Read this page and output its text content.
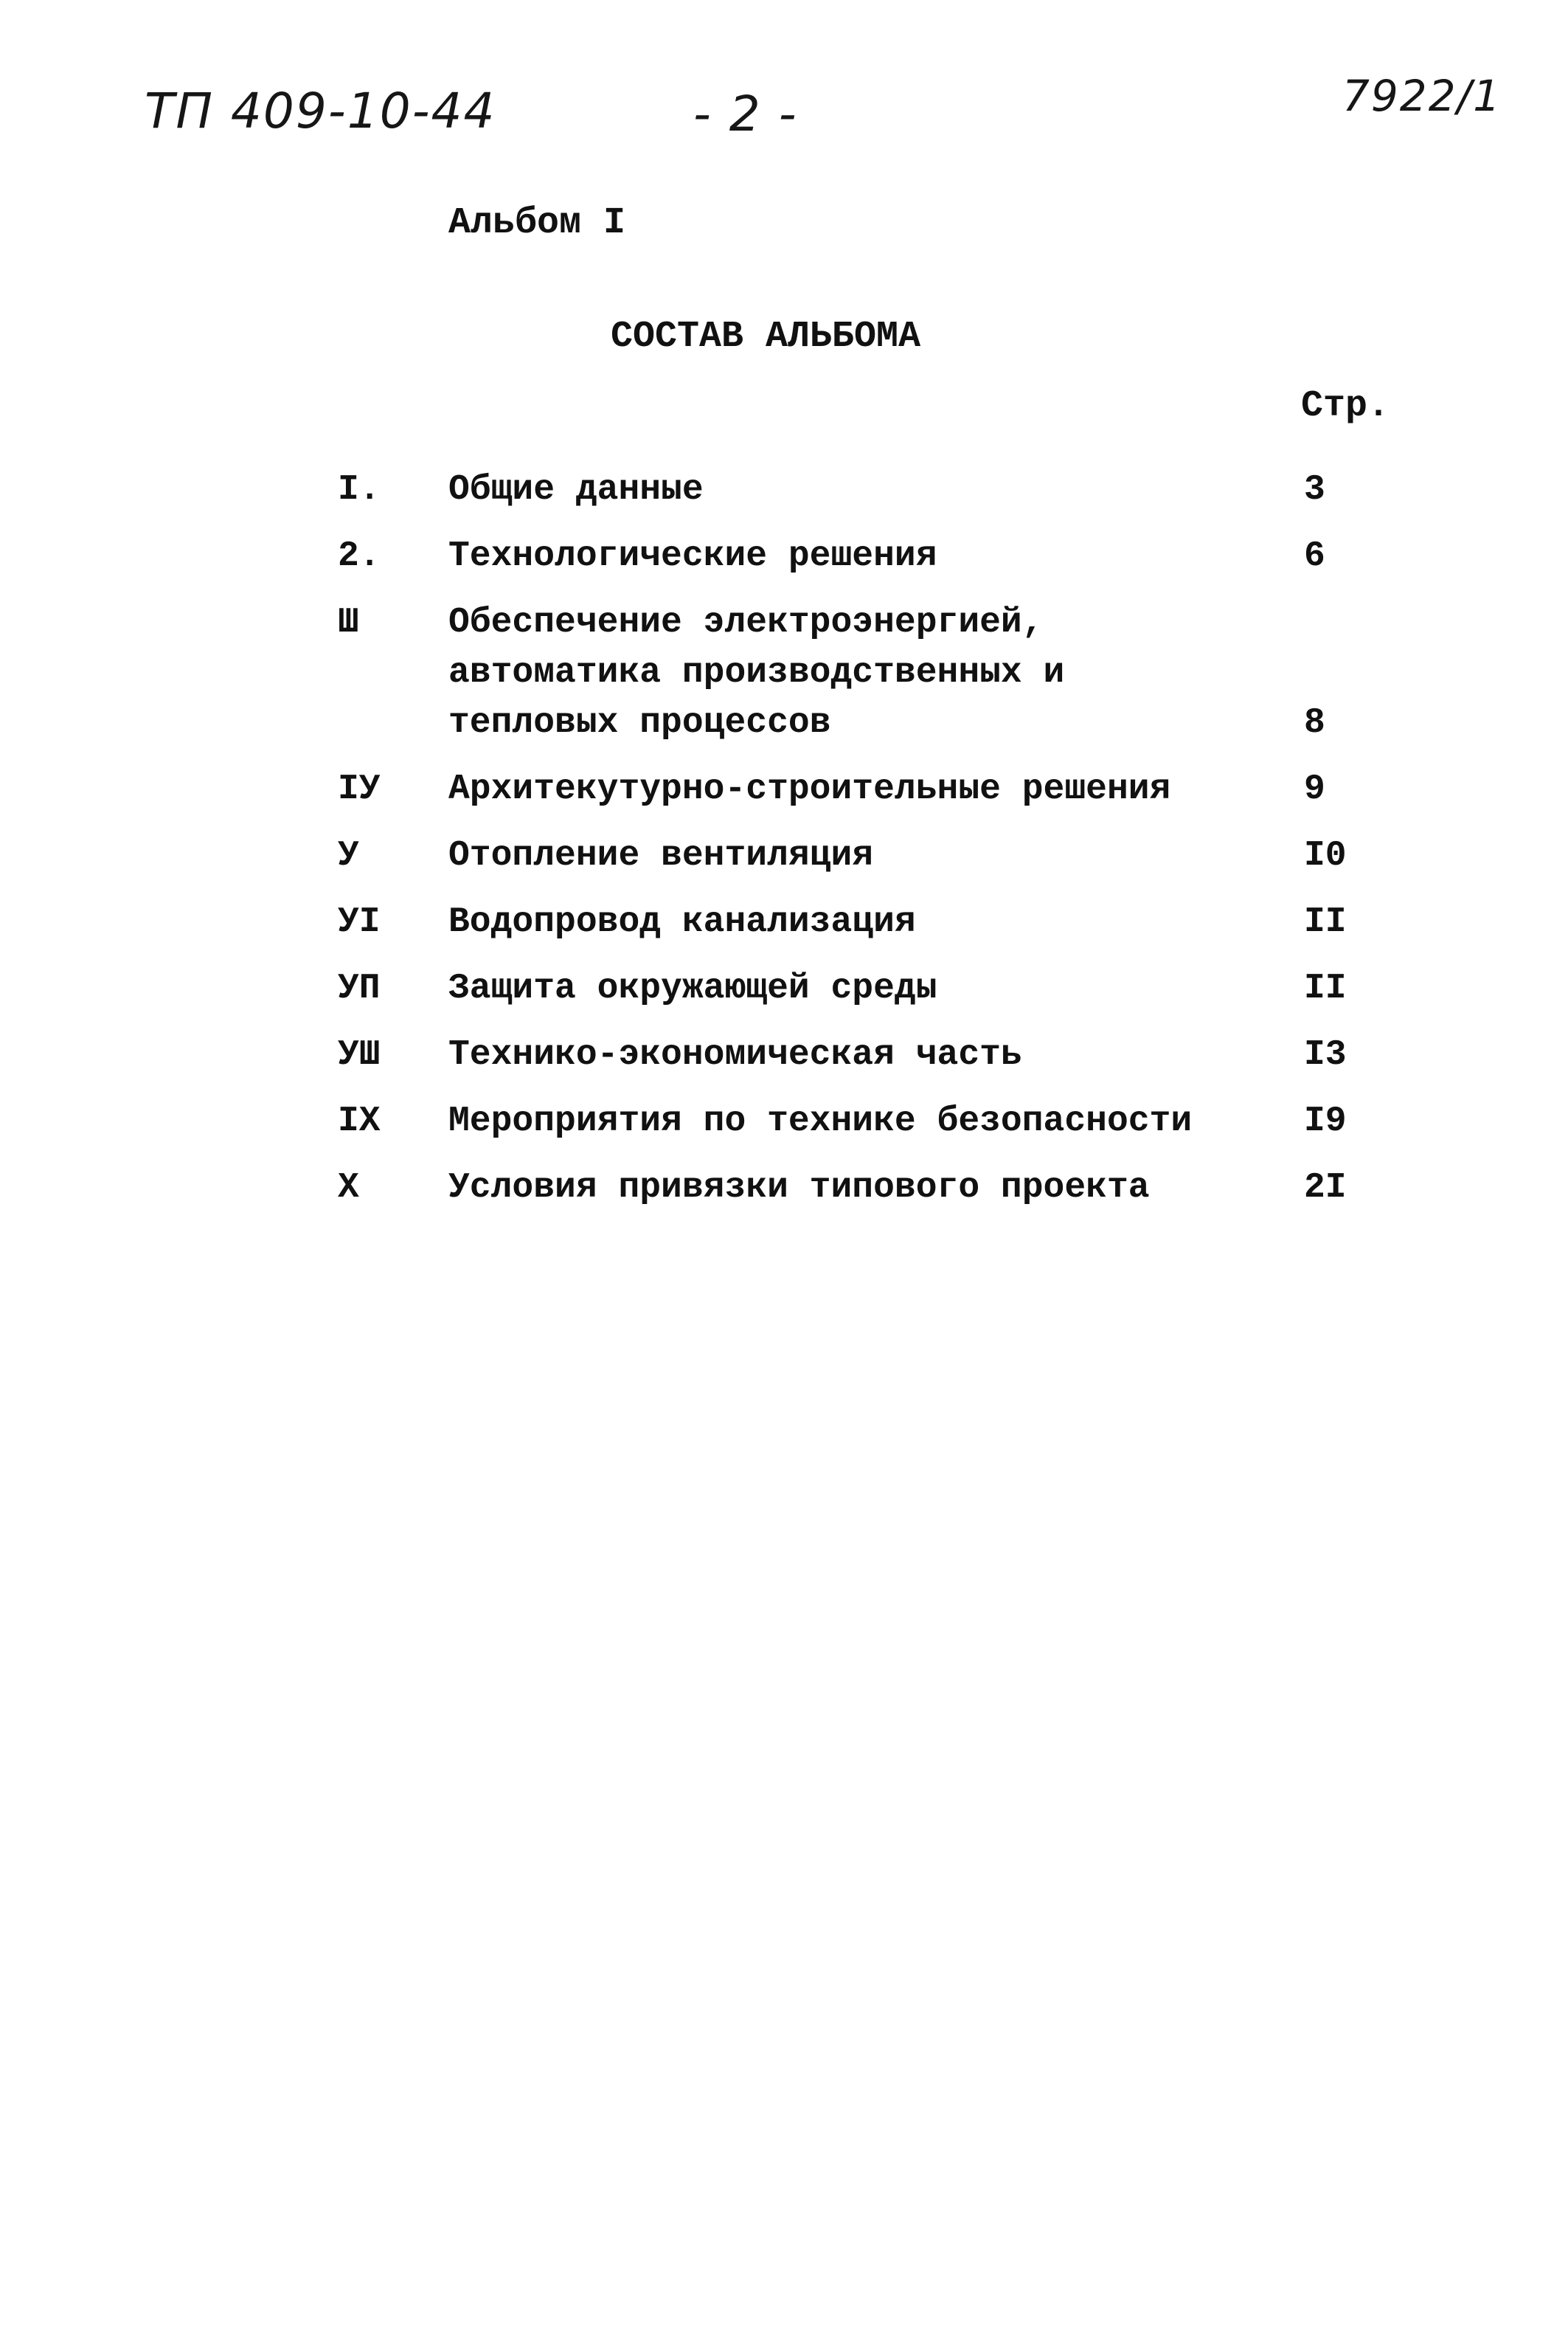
ТП 409-10-44	- 2 -	7922/1
Альбом I
СОСТАВ АЛЬБОМА
Стр.
I. Общие данные	3
2. Технологические решения	6
Ш	Обеспечение электроэнергией,
автоматика производственных и
тепловых процессов	8
IУ Архитекутурно-строительные решения	9
У	Отопление вентиляция	I0
УI Водопровод канализация	II
УП Защита окружающей среды	II
УШ Технико-экономическая часть	I3
IX Мероприятия по технике безопасности	I9
X	Условия привязки типового проекта	2I
